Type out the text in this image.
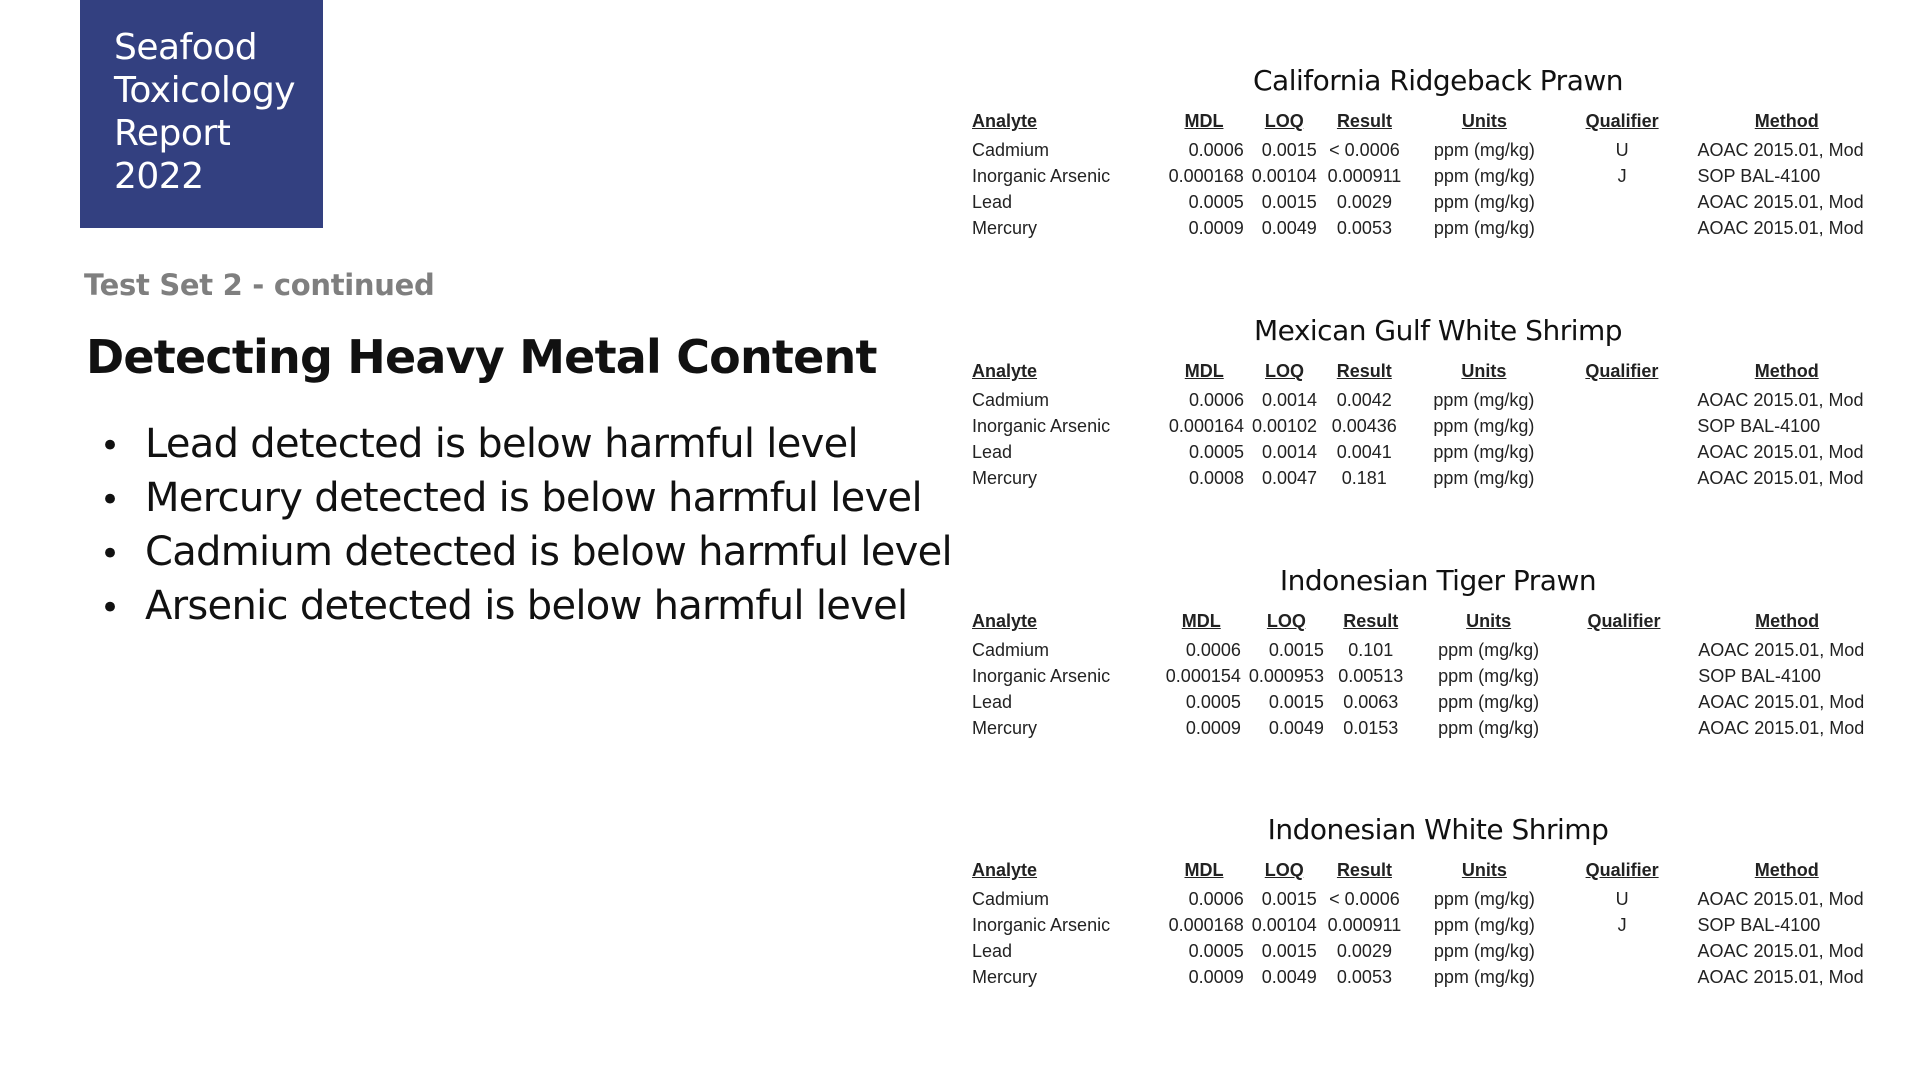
Seafood
Toxicology
Report
2022
Test Set 2 - continued
Detecting Heavy Metal Content
• Lead detected is below harmful level
• Mercury detected is below harmful level
• Cadmium detected is below harmful level
• Arsenic detected is below harmful level
California Ridgeback Prawn
Analyte	MDL	LOQ	Result	Units	Qualifier	Method
Cadmium	0.0006	0.0015	< 0.0006	ppm (mg/kg)	U	AOAC 2015.01, Mod
Inorganic Arsenic	0.000168	0.00104	0.000911	ppm (mg/kg)	J	SOP BAL-4100
Lead	0.0005	0.0015	0.0029	ppm (mg/kg)		AOAC 2015.01, Mod
Mercury	0.0009	0.0049	0.0053	ppm (mg/kg)		AOAC 2015.01, Mod
Mexican Gulf White Shrimp
Analyte	MDL	LOQ	Result	Units	Qualifier	Method
Cadmium	0.0006	0.0014	0.0042	ppm (mg/kg)		AOAC 2015.01, Mod
Inorganic Arsenic	0.000164	0.00102	0.00436	ppm (mg/kg)		SOP BAL-4100
Lead	0.0005	0.0014	0.0041	ppm (mg/kg)		AOAC 2015.01, Mod
Mercury	0.0008	0.0047	0.181	ppm (mg/kg)		AOAC 2015.01, Mod
Indonesian Tiger Prawn
Analyte	MDL	LOQ	Result	Units	Qualifier	Method
Cadmium	0.0006	0.0015	0.101	ppm (mg/kg)		AOAC 2015.01, Mod
Inorganic Arsenic	0.000154	0.000953	0.00513	ppm (mg/kg)		SOP BAL-4100
Lead	0.0005	0.0015	0.0063	ppm (mg/kg)		AOAC 2015.01, Mod
Mercury	0.0009	0.0049	0.0153	ppm (mg/kg)		AOAC 2015.01, Mod
Indonesian White Shrimp
Analyte	MDL	LOQ	Result	Units	Qualifier	Method
Cadmium	0.0006	0.0015	< 0.0006	ppm (mg/kg)	U	AOAC 2015.01, Mod
Inorganic Arsenic	0.000168	0.00104	0.000911	ppm (mg/kg)	J	SOP BAL-4100
Lead	0.0005	0.0015	0.0029	ppm (mg/kg)		AOAC 2015.01, Mod
Mercury	0.0009	0.0049	0.0053	ppm (mg/kg)		AOAC 2015.01, Mod
